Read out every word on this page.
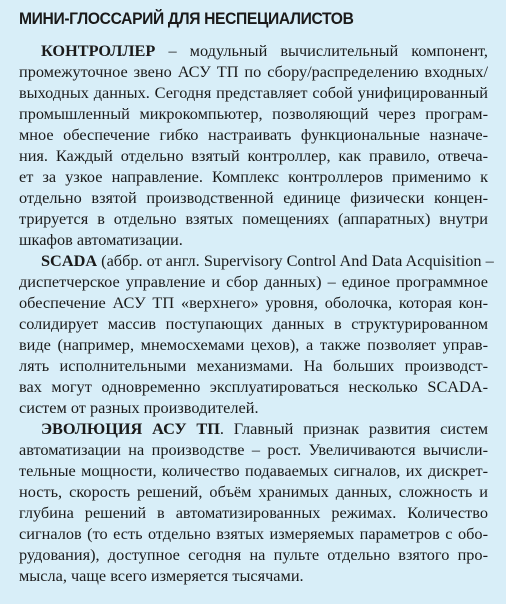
МИНИ-ГЛОССАРИЙ ДЛЯ НЕСПЕЦИАЛИСТОВ
КОНТРОЛЛЕР – модульный вычислительный компонент,
промежуточное звено АСУ ТП по сбору/распределению входных/
выходных данных. Сегодня представляет собой унифицированный
промышленный микрокомпьютер, позволяющий через програм-
мное обеспечение гибко настраивать функциональные назначе-
ния. Каждый отдельно взятый контроллер, как правило, отвеча-
ет за узкое направление. Комплекс контроллеров применимо к
отдельно взятой производственной единице физически концен-
трируется в отдельно взятых помещениях (аппаратных) внутри
шкафов автоматизации.
SCADA (аббр. от англ. Supervisory Control And Data Acquisition –
диспетчерское управление и сбор данных) – единое программное
обеспечение АСУ ТП «верхнего» уровня, оболочка, которая кон-
солидирует массив поступающих данных в структурированном
виде (например, мнемосхемами цехов), а также позволяет управ-
лять исполнительными механизмами. На больших производст-
вах могут одновременно эксплуатироваться несколько SCADA-
систем от разных производителей.
ЭВОЛЮЦИЯ АСУ ТП. Главный признак развития систем
автоматизации на производстве – рост. Увеличиваются вычисли-
тельные мощности, количество подаваемых сигналов, их дискрет-
ность, скорость решений, объём хранимых данных, сложность и
глубина решений в автоматизированных режимах. Количество
сигналов (то есть отдельно взятых измеряемых параметров с обо-
рудования), доступное сегодня на пульте отдельно взятого про-
мысла, чаще всего измеряется тысячами.
